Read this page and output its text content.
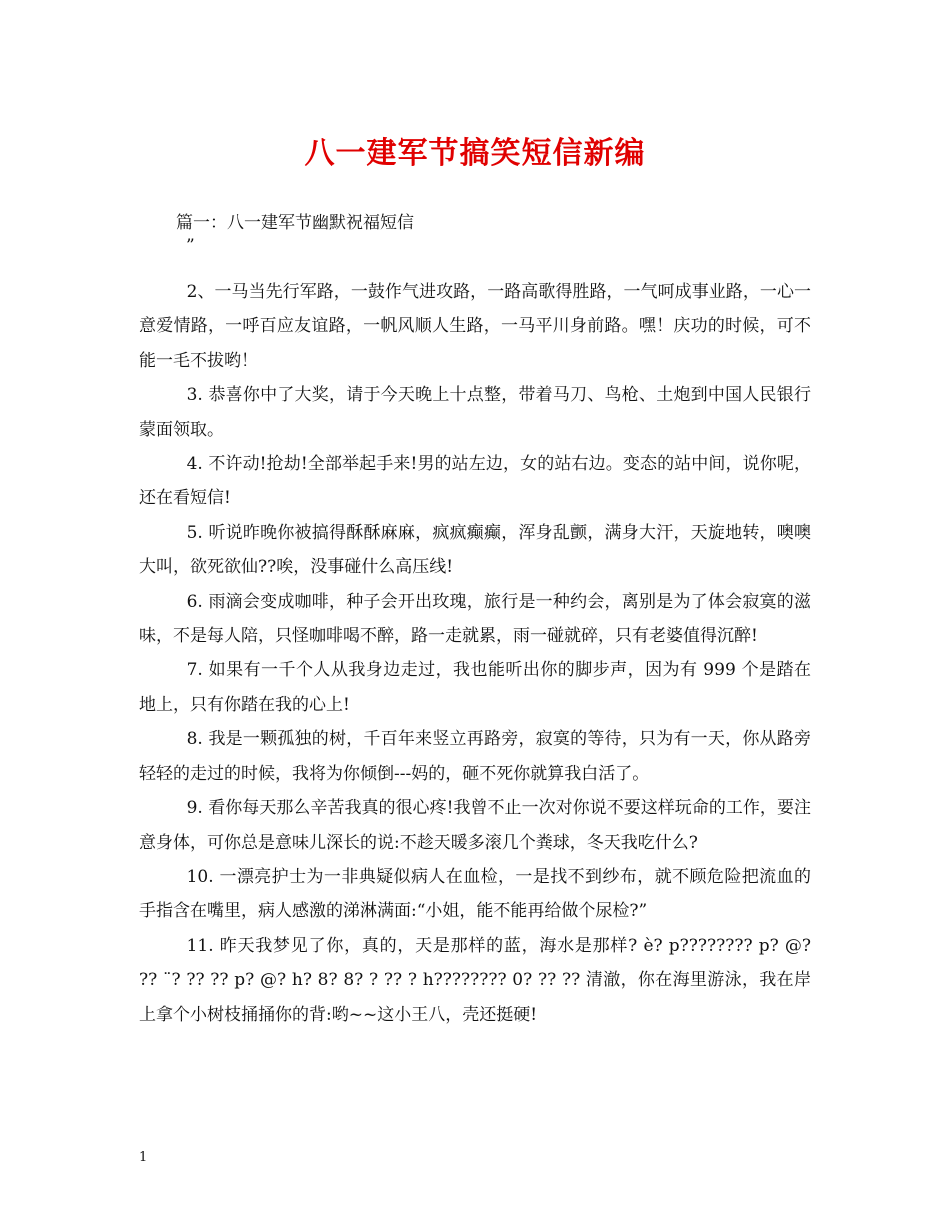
八一建军节搞笑短信新编
篇一：八一建军节幽默祝福短信
”

2、一马当先行军路，一鼓作气进攻路，一路高歌得胜路，一气呵成事业路，一心一意爱情路，一呼百应友谊路，一帆风顺人生路，一马平川身前路。嘿！庆功的时候，可不能一毛不拔哟！

3. 恭喜你中了大奖，请于今天晚上十点整，带着马刀、鸟枪、土炮到中国人民银行蒙面领取。

4. 不许动!抢劫!全部举起手来!男的站左边，女的站右边。变态的站中间，说你呢，还在看短信!

5. 听说昨晚你被搞得酥酥麻麻，疯疯癫癫，浑身乱颤，满身大汗，天旋地转，噢噢大叫，欲死欲仙??唉，没事碰什么高压线!

6. 雨滴会变成咖啡，种子会开出玫瑰，旅行是一种约会，离别是为了体会寂寞的滋味，不是每人陪，只怪咖啡喝不醉，路一走就累，雨一碰就碎，只有老婆值得沉醉!

7. 如果有一千个人从我身边走过，我也能听出你的脚步声，因为有 999 个是踏在地上，只有你踏在我的心上!

8. 我是一颗孤独的树，千百年来竖立再路旁，寂寞的等待，只为有一天，你从路旁轻轻的走过的时候，我将为你倾倒---妈的，砸不死你就算我白活了。

9. 看你每天那么辛苦我真的很心疼!我曾不止一次对你说不要这样玩命的工作，要注意身体，可你总是意味儿深长的说:不趁天暖多滚几个粪球，冬天我吃什么?

10. 一漂亮护士为一非典疑似病人在血检，一是找不到纱布，就不顾危险把流血的手指含在嘴里，病人感激的涕淋满面:“小姐，能不能再给做个尿检?”

11. 昨天我梦见了你，真的，天是那样的蓝，海水是那样? è? p???????? p? @? ?? ¨? ?? ?? p? @? h? 8? 8? ? ?? ? h???????? 0? ?? ?? 清澈，你在海里游泳，我在岸上拿个小树枝捅捅你的背:哟~~这小王八，壳还挺硬!

1
